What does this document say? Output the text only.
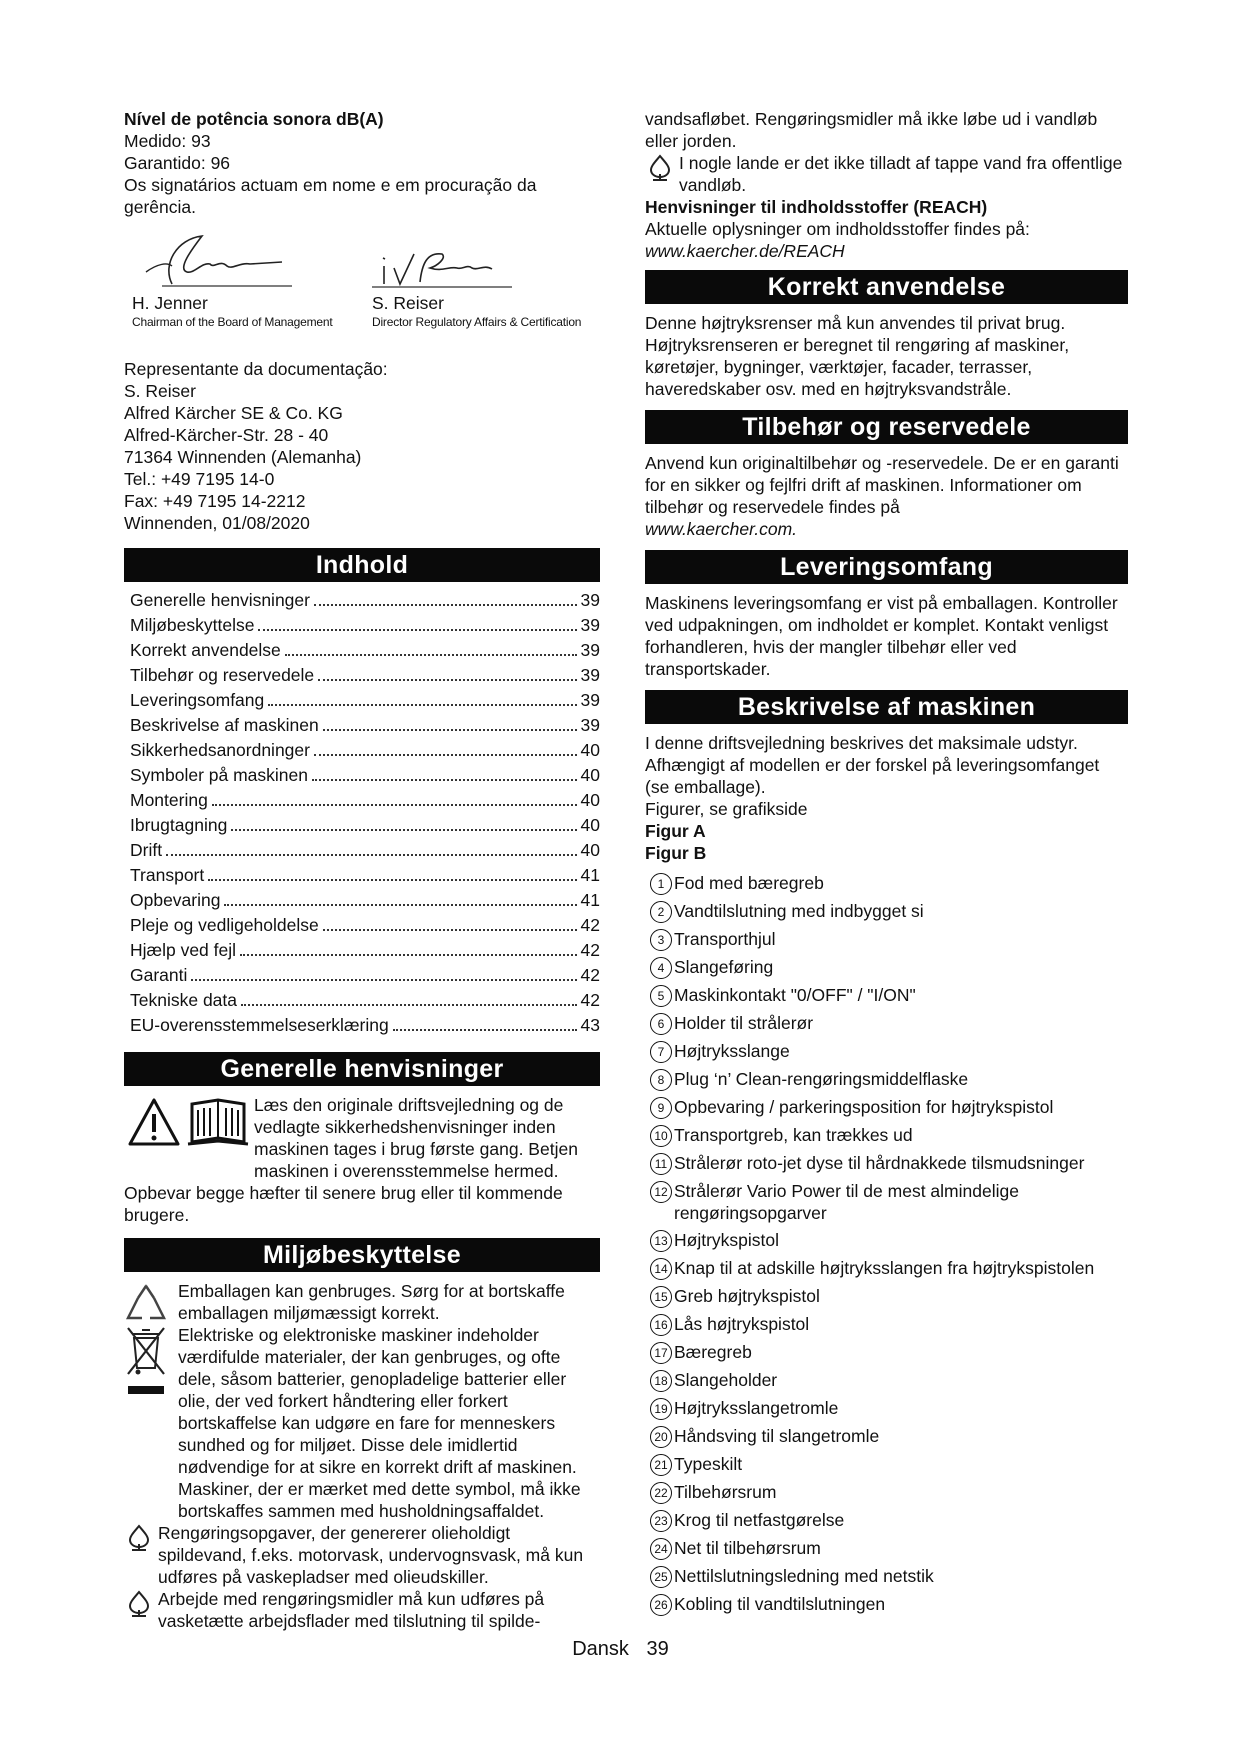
Nível de potência sonora dB(A)

Medido: 93

Garantido: 96

Os signatários actuam em nome e em procuração da gerência.

H. Jenner
Chairman of the Board of Management
S. Reiser
Director Regulatory Affairs & Certification

Representante da documentação:

S. Reiser

Alfred Kärcher SE & Co. KG

Alfred-Kärcher-Str. 28 - 40

71364 Winnenden (Alemanha)

Tel.: +49 7195 14-0

Fax: +49 7195 14-2212

Winnenden, 01/08/2020

Indhold
Generelle henvisninger	39
Miljøbeskyttelse	39
Korrekt anvendelse	39
Tilbehør og reservedele	39
Leveringsomfang	39
Beskrivelse af maskinen	39
Sikkerhedsanordninger	40
Symboler på maskinen	40
Montering	40
Ibrugtagning	40
Drift	40
Transport	41
Opbevaring	41
Pleje og vedligeholdelse	42
Hjælp ved fejl	42
Garanti	42
Tekniske data	42
EU-overensstemmelseserklæring	43
Generelle henvisninger

Læs den originale driftsvejledning og de vedlagte sikkerhedshenvisninger inden maskinen tages i brug første gang. Betjen maskinen i overensstemmelse hermed.

Opbevar begge hæfter til senere brug eller til kommende brugere.

Miljøbeskyttelse

Emballagen kan genbruges. Sørg for at bortskaffe emballagen miljømæssigt korrekt.

Elektriske og elektroniske maskiner indeholder værdifulde materialer, der kan genbruges, og ofte dele, såsom batterier, genopladelige batterier eller olie, der ved forkert håndtering eller forkert bortskaffelse kan udgøre en fare for menneskers sundhed og for miljøet. Disse dele imidlertid nødvendige for at sikre en korrekt drift af maskinen. Maskiner, der er mærket med dette symbol, må ikke bortskaffes sammen med husholdningsaffaldet.

Rengøringsopgaver, der genererer olieholdigt spildevand, f.eks. motorvask, undervognsvask, må kun udføres på vaskepladser med olieudskiller.

Arbejde med rengøringsmidler må kun udføres på vasketætte arbejdsflader med tilslutning til spilde-

vandsafløbet. Rengøringsmidler må ikke løbe ud i vandløb eller jorden.

I nogle lande er det ikke tilladt af tappe vand fra offentlige vandløb.

Henvisninger til indholdsstoffer (REACH)

Aktuelle oplysninger om indholdsstoffer findes på:

www.kaercher.de/REACH

Korrekt anvendelse

Denne højtryksrenser må kun anvendes til privat brug. Højtryksrenseren er beregnet til rengøring af maskiner, køretøjer, bygninger, værktøjer, facader, terrasser, haveredskaber osv. med en højtryksvandstråle.

Tilbehør og reservedele

Anvend kun originaltilbehør og -reservedele. De er en garanti for en sikker og fejlfri drift af maskinen. Informationer om tilbehør og reservedele findes på

www.kaercher.com.

Leveringsomfang

Maskinens leveringsomfang er vist på emballagen. Kontroller ved udpakningen, om indholdet er komplet. Kontakt venligst forhandleren, hvis der mangler tilbehør eller ved transportskader.

Beskrivelse af maskinen

I denne driftsvejledning beskrives det maksimale udstyr. Afhængigt af modellen er der forskel på leveringsomfanget (se emballage).

Figurer, se grafikside

Figur A

Figur B

1 Fod med bæregreb
2 Vandtilslutning med indbygget si
3 Transporthjul
4 Slangeføring
5 Maskinkontakt "0/OFF" / "I/ON"
6 Holder til strålerør
7 Højtryksslange
8 Plug ‘n’ Clean-rengøringsmiddelflaske
9 Opbevaring / parkeringsposition for højtrykspistol
10 Transportgreb, kan trækkes ud
11 Strålerør roto-jet dyse til hårdnakkede tilsmudsninger
12 Strålerør Vario Power til de mest almindelige rengøringsopgarver
13 Højtrykspistol
14 Knap til at adskille højtryksslangen fra højtrykspistolen
15 Greb højtrykspistol
16 Lås højtrykspistol
17 Bæregreb
18 Slangeholder
19 Højtryksslangetromle
20 Håndsving til slangetromle
21 Typeskilt
22 Tilbehørsrum
23 Krog til netfastgørelse
24 Net til tilbehørsrum
25 Nettilslutningsledning med netstik
26 Kobling til vandtilslutningen
Dansk 39
